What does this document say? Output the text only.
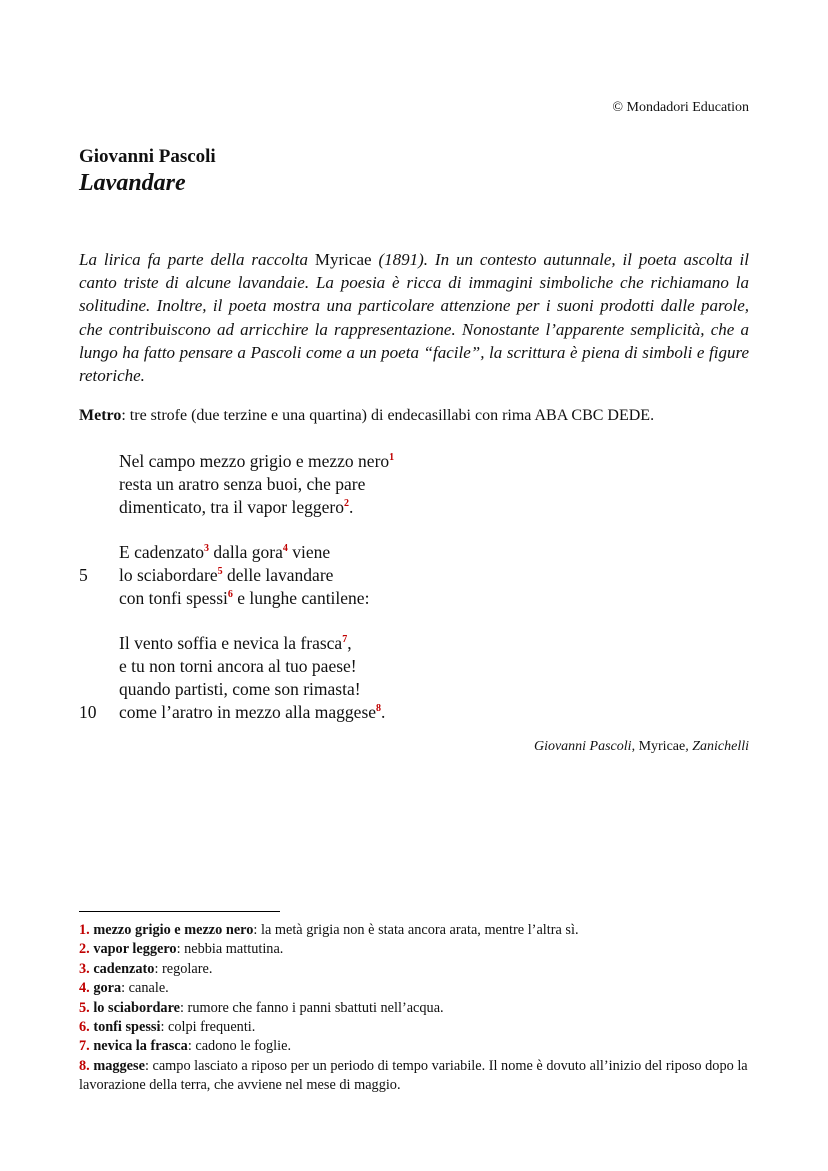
© Mondadori Education
Giovanni Pascoli
Lavandare

La lirica fa parte della raccolta Myricae (1891). In un contesto autunnale, il poeta ascolta il canto triste di alcune lavandaie. La poesia è ricca di immagini simboliche che richiamano la solitudine. Inoltre, il poeta mostra una particolare attenzione per i suoni prodotti dalle parole, che contribuiscono ad arricchire la rappresentazione. Nonostante l’apparente semplicità, che a lungo ha fatto pensare a Pascoli come a un poeta “facile”, la scrittura è piena di simboli e figure retoriche.

Metro: tre strofe (due terzine e una quartina) di endecasillabi con rima ABA CBC DEDE.
Nel campo mezzo grigio e mezzo nero$^1$
resta un aratro senza buoi, che pare
dimenticato, tra il vapor leggero$^2$.
E cadenzato$^3$ dalla gora$^4$ viene
5 lo sciabordare$^5$ delle lavandare
con tonfi spessi$^6$ e lunghe cantilene:
Il vento soffia e nevica la frasca$^7$,
e tu non torni ancora al tuo paese!
quando partisti, come son rimasta!
10 come l’aratro in mezzo alla maggese$^8$.
Giovanni Pascoli, Myricae, Zanichelli
1. mezzo grigio e mezzo nero: la metà grigia non è stata ancora arata, mentre l’altra sì.
2. vapor leggero: nebbia mattutina.
3. cadenzato: regolare.
4. gora: canale.
5. lo sciabordare: rumore che fanno i panni sbattuti nell’acqua.
6. tonfi spessi: colpi frequenti.
7. nevica la frasca: cadono le foglie.
8. maggese: campo lasciato a riposo per un periodo di tempo variabile. Il nome è dovuto all’inizio del riposo dopo la lavorazione della terra, che avviene nel mese di maggio.
